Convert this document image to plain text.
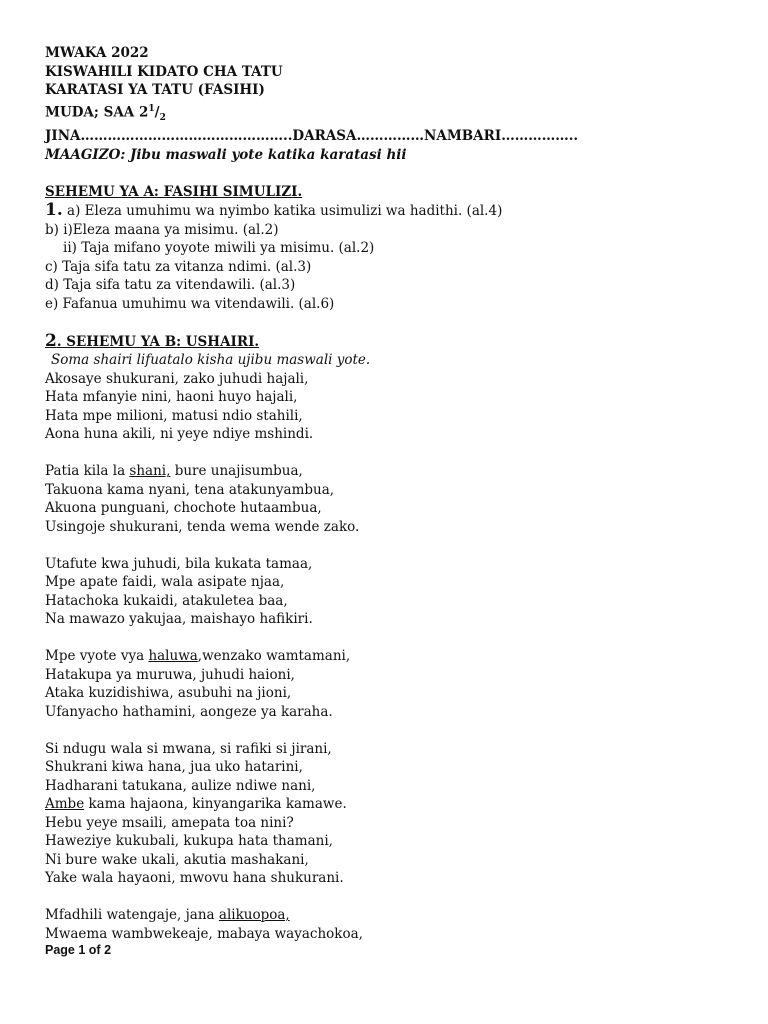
MWAKA 2022
KISWAHILI KIDATO CHA TATU
KARATASI YA TATU (FASIHI)
MUDA; SAA $2^1/_2$
JINA………………………………………..DARASA……………NAMBARI……………..
MAAGIZO: Jibu maswali yote katika karatasi hii
SEHEMU YA A: FASIHI SIMULIZI.
1. a) Eleza umuhimu wa nyimbo katika usimulizi wa hadithi. (al.4)
b) i)Eleza maana ya misimu. (al.2)
ii) Taja mifano yoyote miwili ya misimu. (al.2)
c) Taja sifa tatu za vitanza ndimi. (al.3)
d) Taja sifa tatu za vitendawili. (al.3)
e) Fafanua umuhimu wa vitendawili. (al.6)
2. SEHEMU YA B: USHAIRI.
Soma shairi lifuatalo kisha ujibu maswali yote.
Akosaye shukurani, zako juhudi hajali,
Hata mfanyie nini, haoni huyo hajali,
Hata mpe milioni, matusi ndio stahili,
Aona huna akili, ni yeye ndiye mshindi.
Patia kila la shani, bure unajisumbua,
Takuona kama nyani, tena atakunyambua,
Akuona punguani, chochote hutaambua,
Usingoje shukurani, tenda wema wende zako.
Utafute kwa juhudi, bila kukata tamaa,
Mpe apate faidi, wala asipate njaa,
Hatachoka kukaidi, atakuletea baa,
Na mawazo yakujaa, maishayo hafikiri.
Mpe vyote vya haluwa,wenzako wamtamani,
Hatakupa ya muruwa, juhudi haioni,
Ataka kuzidishiwa, asubuhi na jioni,
Ufanyacho hathamini, aongeze ya karaha.
Si ndugu wala si mwana, si rafiki si jirani,
Shukrani kiwa hana, jua uko hatarini,
Hadharani tatukana, aulize ndiwe nani,
Ambe kama hajaona, kinyangarika kamawe.
Hebu yeye msaili, amepata toa nini?
Haweziye kukubali, kukupa hata thamani,
Ni bure wake ukali, akutia mashakani,
Yake wala hayaoni, mwovu hana shukurani.
Mfadhili watengaje, jana alikuopoa,
Mwaema wambwekeaje, mabaya wayachokoa,
Page 1 of 2
